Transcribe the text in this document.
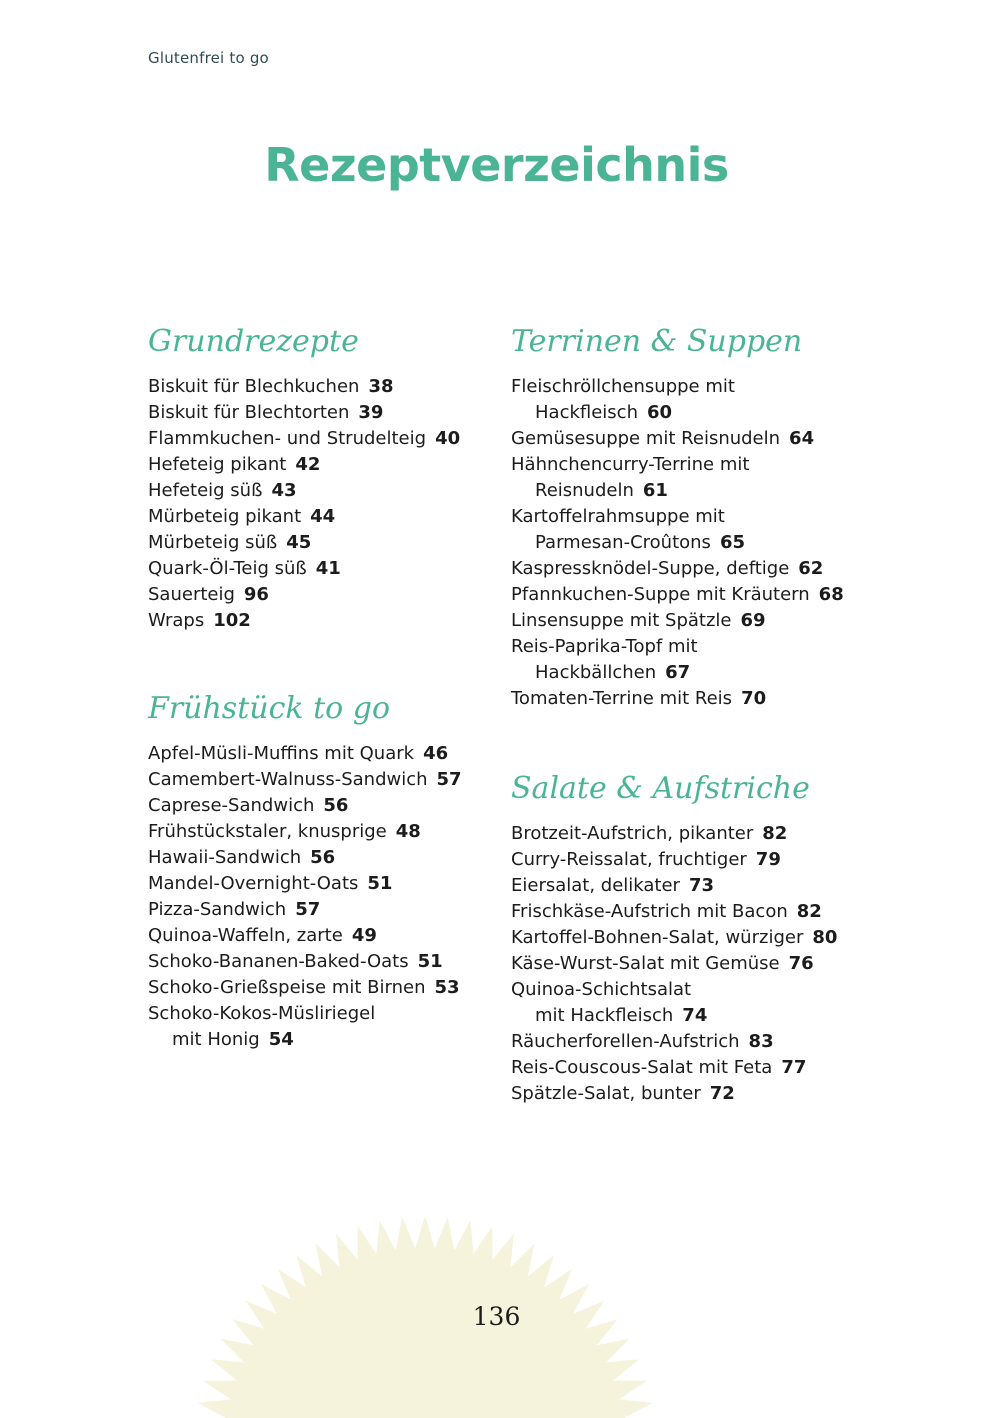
Glutenfrei to go
Rezeptverzeichnis
Grundrezepte
Biskuit für Blechkuchen 38
Biskuit für Blechtorten 39
Flammkuchen- und Strudelteig 40
Hefeteig pikant 42
Hefeteig süß 43
Mürbeteig pikant 44
Mürbeteig süß 45
Quark-Öl-Teig süß 41
Sauerteig 96
Wraps 102
Frühstück to go
Apfel-Müsli-Muffins mit Quark 46
Camembert-Walnuss-Sandwich 57
Caprese-Sandwich 56
Frühstückstaler, knusprige 48
Hawaii-Sandwich 56
Mandel-Overnight-Oats 51
Pizza-Sandwich 57
Quinoa-Waffeln, zarte 49
Schoko-Bananen-Baked-Oats 51
Schoko-Grießspeise mit Birnen 53
Schoko-Kokos-Müsliriegel
mit Honig 54
Terrinen & Suppen
Fleischröllchensuppe mit
Hackfleisch 60
Gemüsesuppe mit Reisnudeln 64
Hähnchencurry-Terrine mit
Reisnudeln 61
Kartoffelrahmsuppe mit
Parmesan-Croûtons 65
Kaspressknödel-Suppe, deftige 62
Pfannkuchen-Suppe mit Kräutern 68
Linsensuppe mit Spätzle 69
Reis-Paprika-Topf mit
Hackbällchen 67
Tomaten-Terrine mit Reis 70
Salate & Aufstriche
Brotzeit-Aufstrich, pikanter 82
Curry-Reissalat, fruchtiger 79
Eiersalat, delikater 73
Frischkäse-Aufstrich mit Bacon 82
Kartoffel-Bohnen-Salat, würziger 80
Käse-Wurst-Salat mit Gemüse 76
Quinoa-Schichtsalat
mit Hackfleisch 74
Räucherforellen-Aufstrich 83
Reis-Couscous-Salat mit Feta 77
Spätzle-Salat, bunter 72
136
